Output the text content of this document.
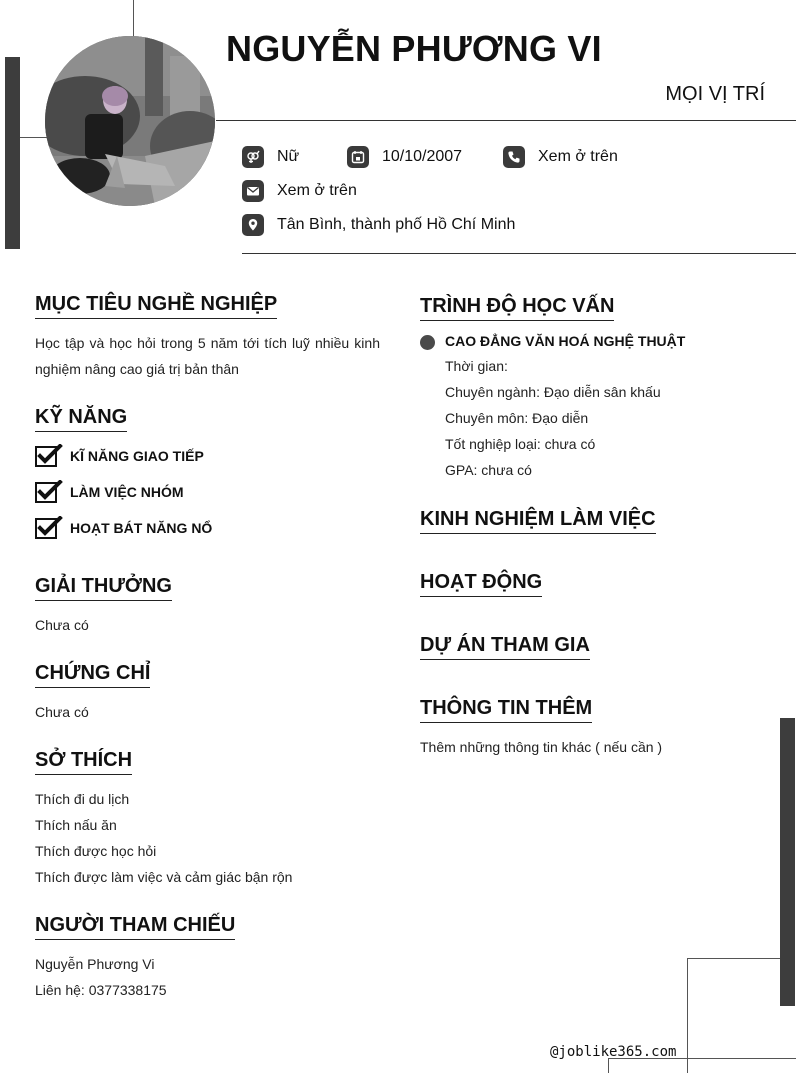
NGUYỄN PHƯƠNG VI
MỌI VỊ TRÍ
Nữ	10/10/2007	Xem ở trên
Xem ở trên
Tân Bình, thành phố Hồ Chí Minh
MỤC TIÊU NGHỀ NGHIỆP
Học tập và học hỏi trong 5 năm tới tích luỹ nhiều kinh nghiệm nâng cao giá trị bản thân
KỸ NĂNG
KĨ NĂNG GIAO TIẾP
LÀM VIỆC NHÓM
HOẠT BÁT NĂNG NỔ
GIẢI THƯỞNG
Chưa có
CHỨNG CHỈ
Chưa có
SỞ THÍCH
Thích đi du lịch
Thích nấu ăn
Thích được học hỏi
Thích được làm việc và cảm giác bận rộn
NGƯỜI THAM CHIẾU
Nguyễn Phương Vi
Liên hệ: 0377338175
TRÌNH ĐỘ HỌC VẤN
CAO ĐẲNG VĂN HOÁ NGHỆ THUẬT
Thời gian:
Chuyên ngành: Đạo diễn sân khấu
Chuyên môn: Đạo diễn
Tốt nghiệp loại: chưa có
GPA: chưa có
KINH NGHIỆM LÀM VIỆC
HOẠT ĐỘNG
DỰ ÁN THAM GIA
THÔNG TIN THÊM
Thêm những thông tin khác ( nếu cần )
@joblike365.com
